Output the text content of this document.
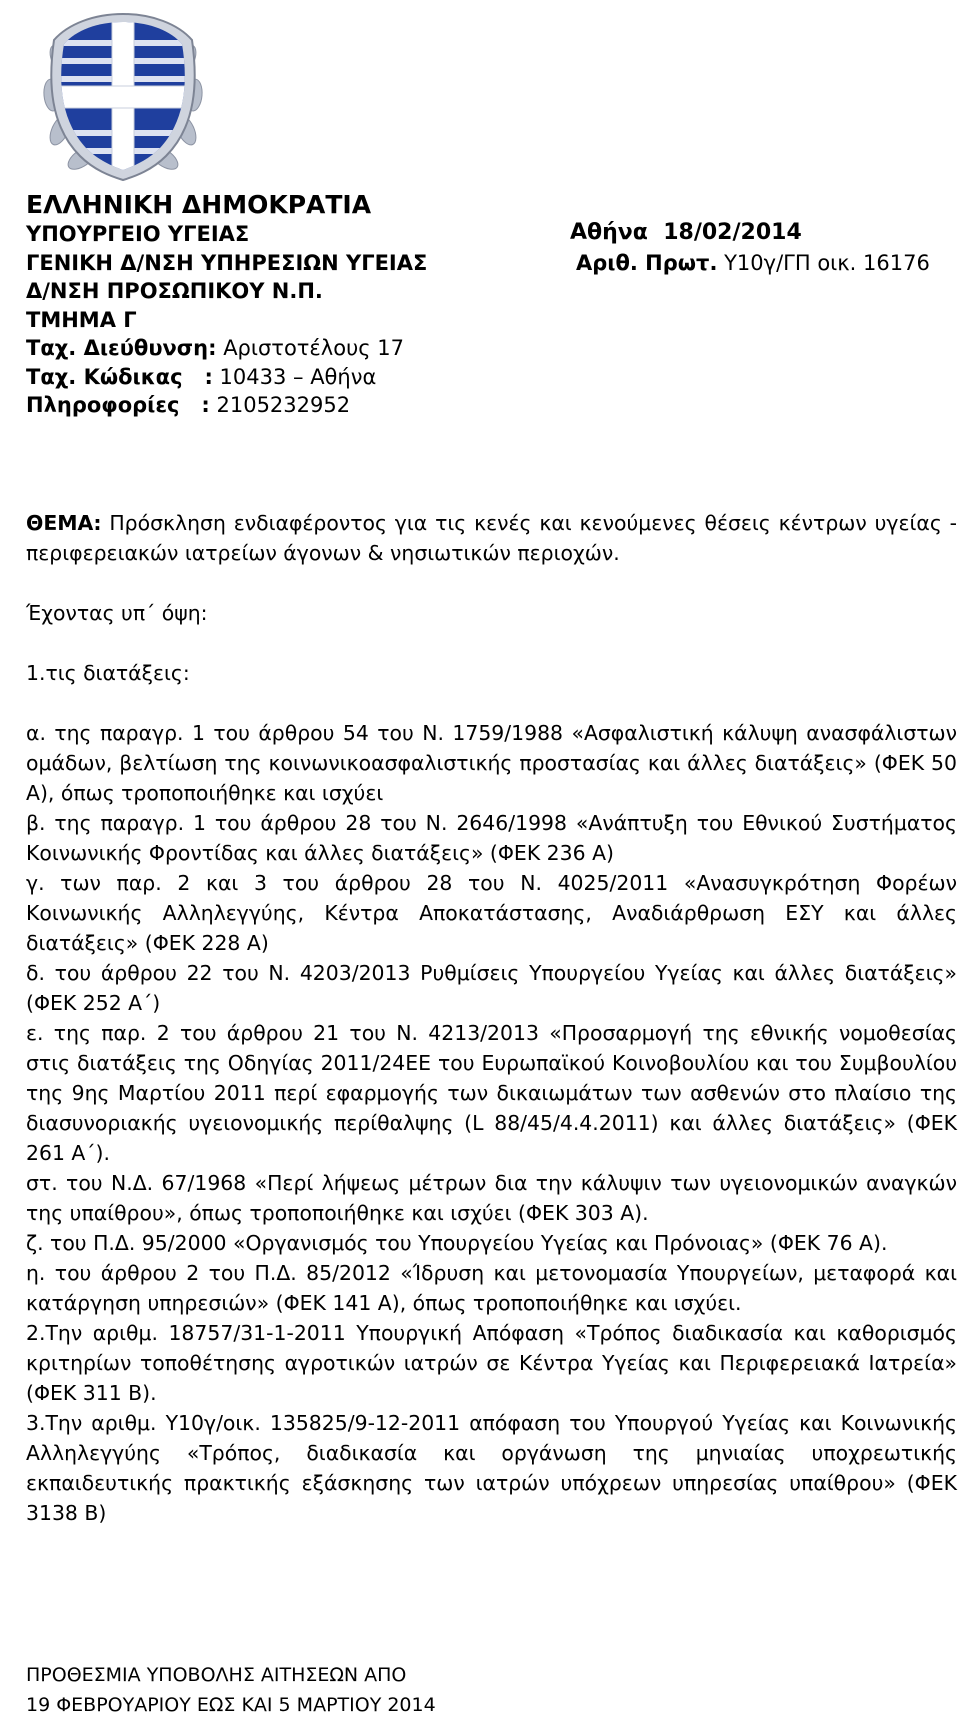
ΕΛΛΗΝΙΚΗ ΔΗΜΟΚΡΑΤΙΑ
ΥΠΟΥΡΓΕΙΟ ΥΓΕΙΑΣ
ΓΕΝΙΚΗ Δ/ΝΣΗ ΥΠΗΡΕΣΙΩΝ ΥΓΕΙΑΣ
Δ/ΝΣΗ ΠΡΟΣΩΠΙΚΟΥ Ν.Π.
ΤΜΗΜΑ Γ
Ταχ. Διεύθυνση: Αριστοτέλους 17
Ταχ. Κώδικας   : 10433 – Αθήνα
Πληροφορίες   : 2105232952
Αθήνα  18/02/2014
Αριθ. Πρωτ. Υ10γ/ΓΠ οικ. 16176

ΘΕΜΑ: Πρόσκληση ενδιαφέροντος για τις κενές και κενούμενες θέσεις κέντρων υγείας - περιφερειακών ιατρείων άγονων & νησιωτικών περιοχών.

Έχοντας υπ΄ όψη:

1.τις διατάξεις:

α. της παραγρ. 1 του άρθρου 54 του Ν. 1759/1988 «Ασφαλιστική κάλυψη ανασφάλιστων ομάδων, βελτίωση της κοινωνικοασφαλιστικής προστασίας και άλλες διατάξεις» (ΦΕΚ 50 Α), όπως τροποποιήθηκε και ισχύει

β. της παραγρ. 1 του άρθρου 28 του Ν. 2646/1998 «Ανάπτυξη του Εθνικού Συστήματος Κοινωνικής Φροντίδας και άλλες διατάξεις» (ΦΕΚ 236 Α)

γ. των παρ. 2 και 3 του άρθρου 28 του Ν. 4025/2011 «Ανασυγκρότηση Φορέων Κοινωνικής Αλληλεγγύης, Κέντρα Αποκατάστασης, Αναδιάρθρωση ΕΣΥ και άλλες διατάξεις» (ΦΕΚ 228 Α)

δ. του άρθρου 22 του Ν. 4203/2013 Ρυθμίσεις Υπουργείου Υγείας και άλλες διατάξεις» (ΦΕΚ 252 Α΄)

ε. της παρ. 2 του άρθρου 21 του Ν. 4213/2013 «Προσαρμογή της εθνικής νομοθεσίας στις διατάξεις της Οδηγίας 2011/24ΕΕ του Ευρωπαϊκού Κοινοβουλίου και του Συμβουλίου της 9ης Μαρτίου 2011 περί εφαρμογής των δικαιωμάτων των ασθενών στο πλαίσιο της διασυνοριακής υγειονομικής περίθαλψης (L 88/45/4.4.2011) και άλλες διατάξεις» (ΦΕΚ 261 Α΄).

στ. του Ν.Δ. 67/1968 «Περί λήψεως μέτρων δια την κάλυψιν των υγειονομικών αναγκών της υπαίθρου», όπως τροποποιήθηκε και ισχύει (ΦΕΚ 303 Α).

ζ. του Π.Δ. 95/2000 «Οργανισμός του Υπουργείου Υγείας και Πρόνοιας» (ΦΕΚ 76 Α).

η. του άρθρου 2 του Π.Δ. 85/2012 «Ίδρυση και μετονομασία Υπουργείων, μεταφορά και κατάργηση υπηρεσιών» (ΦΕΚ 141 Α), όπως τροποποιήθηκε και ισχύει.

2.Την αριθμ. 18757/31-1-2011 Υπουργική Απόφαση «Τρόπος διαδικασία και καθορισμός κριτηρίων τοποθέτησης αγροτικών ιατρών σε Κέντρα Υγείας και Περιφερειακά Ιατρεία» (ΦΕΚ 311 Β).

3.Την αριθμ. Υ10γ/οικ. 135825/9-12-2011 απόφαση του Υπουργού Υγείας και Κοινωνικής Αλληλεγγύης «Τρόπος, διαδικασία και οργάνωση της μηνιαίας υποχρεωτικής εκπαιδευτικής πρακτικής εξάσκησης των ιατρών υπόχρεων υπηρεσίας υπαίθρου» (ΦΕΚ 3138 Β)

ΠΡΟΘΕΣΜΙΑ ΥΠΟΒΟΛΗΣ ΑΙΤΗΣΕΩΝ ΑΠΟ
19 ΦΕΒΡΟΥΑΡΙΟΥ ΕΩΣ ΚΑΙ 5 ΜΑΡΤΙΟΥ 2014
